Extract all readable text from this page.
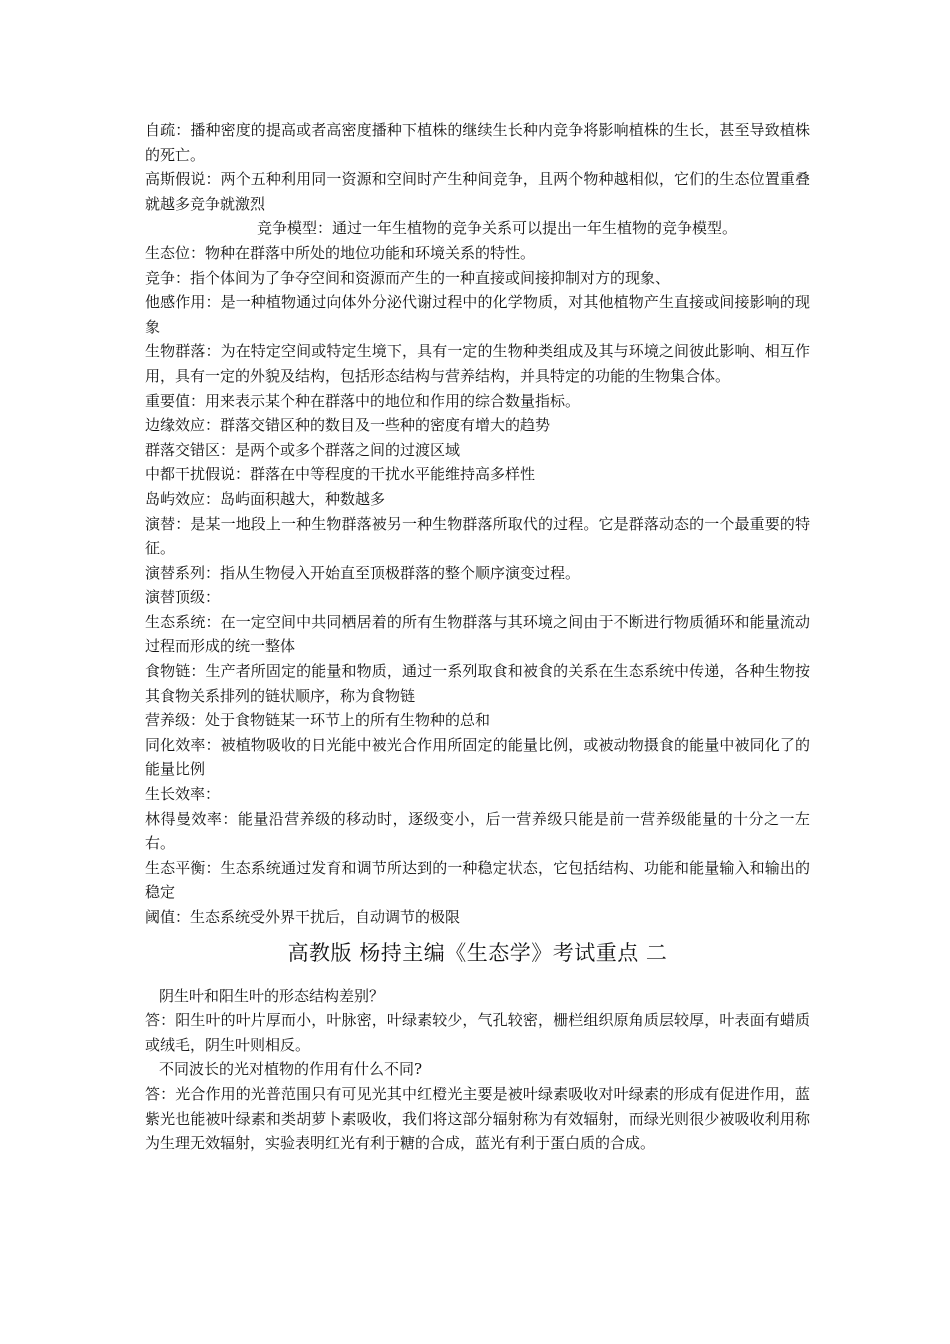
自疏：播种密度的提高或者高密度播种下植株的继续生长种内竞争将影响植株的生长，甚至导致植株的死亡。

高斯假说：两个五种利用同一资源和空间时产生种间竞争，且两个物种越相似，它们的生态位置重叠就越多竞争就激烈

竞争模型：通过一年生植物的竞争关系可以提出一年生植物的竞争模型。

生态位：物种在群落中所处的地位功能和环境关系的特性。

竞争：指个体间为了争夺空间和资源而产生的一种直接或间接抑制对方的现象、

他感作用：是一种植物通过向体外分泌代谢过程中的化学物质，对其他植物产生直接或间接影响的现象

生物群落：为在特定空间或特定生境下，具有一定的生物种类组成及其与环境之间彼此影响、相互作用，具有一定的外貌及结构，包括形态结构与营养结构，并具特定的功能的生物集合体。

重要值：用来表示某个种在群落中的地位和作用的综合数量指标。

边缘效应：群落交错区种的数目及一些种的密度有增大的趋势

群落交错区：是两个或多个群落之间的过渡区域

中都干扰假说：群落在中等程度的干扰水平能维持高多样性

岛屿效应：岛屿面积越大，种数越多

演替：是某一地段上一种生物群落被另一种生物群落所取代的过程。它是群落动态的一个最重要的特征。

演替系列：指从生物侵入开始直至顶极群落的整个顺序演变过程。

演替顶级：

生态系统：在一定空间中共同栖居着的所有生物群落与其环境之间由于不断进行物质循环和能量流动过程而形成的统一整体

食物链：生产者所固定的能量和物质，通过一系列取食和被食的关系在生态系统中传递，各种生物按其食物关系排列的链状顺序，称为食物链

营养级：处于食物链某一环节上的所有生物种的总和

同化效率：被植物吸收的日光能中被光合作用所固定的能量比例，或被动物摄食的能量中被同化了的能量比例

生长效率：

林得曼效率：能量沿营养级的移动时，逐级变小，后一营养级只能是前一营养级能量的十分之一左右。

生态平衡：生态系统通过发育和调节所达到的一种稳定状态，它包括结构、功能和能量输入和输出的稳定

阈值：生态系统受外界干扰后，自动调节的极限

高教版 杨持主编《生态学》考试重点 二

阴生叶和阳生叶的形态结构差别？

答：阳生叶的叶片厚而小，叶脉密，叶绿素较少，气孔较密，栅栏组织原角质层较厚，叶表面有蜡质或绒毛，阴生叶则相反。

不同波长的光对植物的作用有什么不同?

答：光合作用的光普范围只有可见光其中红橙光主要是被叶绿素吸收对叶绿素的形成有促进作用，蓝紫光也能被叶绿素和类胡萝卜素吸收，我们将这部分辐射称为有效辐射，而绿光则很少被吸收利用称为生理无效辐射，实验表明红光有利于糖的合成，蓝光有利于蛋白质的合成。
